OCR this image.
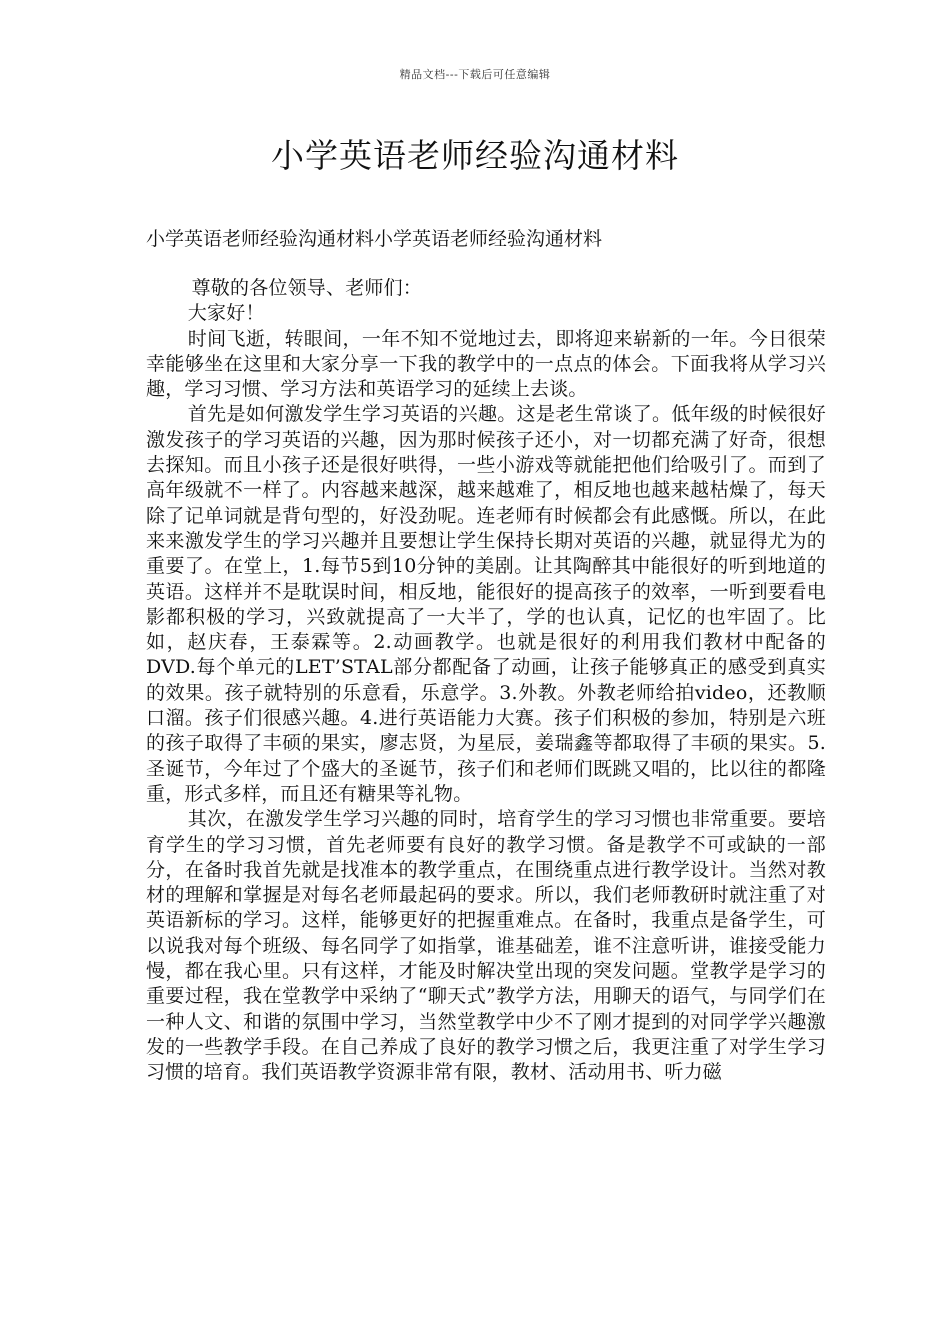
精品文档---下载后可任意编辑
小学英语老师经验沟通材料
小学英语老师经验沟通材料小学英语老师经验沟通材料

尊敬的各位领导、老师们：

大家好！

时间飞逝，转眼间，一年不知不觉地过去，即将迎来崭新的一年。今日很荣幸能够坐在这里和大家分享一下我的教学中的一点点的体会。下面我将从学习兴趣，学习习惯、学习方法和英语学习的延续上去谈。

首先是如何激发学生学习英语的兴趣。这是老生常谈了。低年级的时候很好激发孩子的学习英语的兴趣，因为那时候孩子还小，对一切都充满了好奇，很想去探知。而且小孩子还是很好哄得，一些小游戏等就能把他们给吸引了。而到了高年级就不一样了。内容越来越深，越来越难了，相反地也越来越枯燥了，每天除了记单词就是背句型的，好没劲呢。连老师有时候都会有此感慨。所以，在此来来激发学生的学习兴趣并且要想让学生保持长期对英语的兴趣，就显得尤为的重要了。在堂上，1.每节5到10分钟的美剧。让其陶醉其中能很好的听到地道的英语。这样并不是耽误时间，相反地，能很好的提高孩子的效率，一听到要看电影都积极的学习，兴致就提高了一大半了，学的也认真，记忆的也牢固了。比如，赵庆春，王泰霖等。2.动画教学。也就是很好的利用我们教材中配备的DVD.每个单元的LET’STAL部分都配备了动画，让孩子能够真正的感受到真实的效果。孩子就特别的乐意看，乐意学。3.外教。外教老师给拍video，还教顺口溜。孩子们很感兴趣。4.进行英语能力大赛。孩子们积极的参加，特别是六班的孩子取得了丰硕的果实，廖志贤，为星辰，姜瑞鑫等都取得了丰硕的果实。5.圣诞节，今年过了个盛大的圣诞节，孩子们和老师们既跳又唱的，比以往的都隆重，形式多样，而且还有糖果等礼物。

其次，在激发学生学习兴趣的同时，培育学生的学习习惯也非常重要。要培育学生的学习习惯，首先老师要有良好的教学习惯。备是教学不可或缺的一部分，在备时我首先就是找准本的教学重点，在围绕重点进行教学设计。当然对教材的理解和掌握是对每名老师最起码的要求。所以，我们老师教研时就注重了对英语新标的学习。这样，能够更好的把握重难点。在备时，我重点是备学生，可以说我对每个班级、每名同学了如指掌，谁基础差，谁不注意听讲，谁接受能力慢，都在我心里。只有这样，才能及时解决堂出现的突发问题。堂教学是学习的重要过程，我在堂教学中采纳了“聊天式”教学方法，用聊天的语气，与同学们在一种人文、和谐的氛围中学习，当然堂教学中少不了刚才提到的对同学学兴趣激发的一些教学手段。在自己养成了良好的教学习惯之后，我更注重了对学生学习习惯的培育。我们英语教学资源非常有限，教材、活动用书、听力磁
